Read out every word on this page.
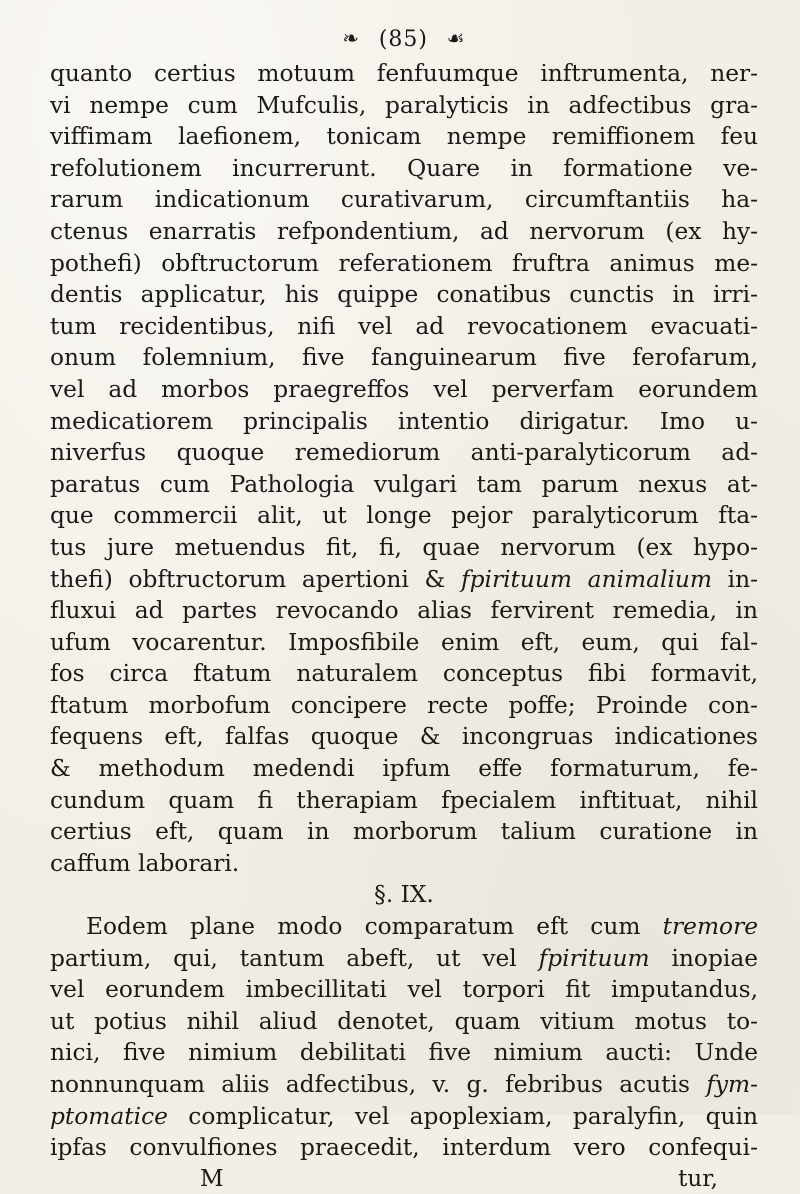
❧ (85) ☙
quanto certius motuum fenfuumque inftrumenta, ner-
vi nempe cum Mufculis, paralyticis in adfectibus gra-
viffimam laefionem, tonicam nempe remiffionem feu
refolutionem incurrerunt. Quare in formatione ve-
rarum indicationum curativarum, circumftantiis ha-
ctenus enarratis refpondentium, ad nervorum (ex hy-
pothefi) obftructorum referationem fruftra animus me-
dentis applicatur, his quippe conatibus cunctis in irri-
tum recidentibus, nifi vel ad revocationem evacuati-
onum folemnium, five fanguinearum five ferofarum,
vel ad morbos praegreffos vel perverfam eorundem
medicatiorem principalis intentio dirigatur. Imo u-
niverfus quoque remediorum anti-paralyticorum ad-
paratus cum Pathologia vulgari tam parum nexus at-
que commercii alit, ut longe pejor paralyticorum fta-
tus jure metuendus fit, fi, quae nervorum (ex hypo-
thefi) obftructorum apertioni & fpirituum animalium in-
fluxui ad partes revocando alias fervirent remedia, in
ufum vocarentur. Imposfibile enim eft, eum, qui fal-
fos circa ftatum naturalem conceptus fibi formavit,
ftatum morbofum concipere recte poffe; Proinde con-
fequens eft, falfas quoque & incongruas indicationes
& methodum medendi ipfum effe formaturum, fe-
cundum quam fi therapiam fpecialem inftituat, nihil
certius eft, quam in morborum talium curatione in
caffum laborari.
§. IX.
Eodem plane modo comparatum eft cum tremore
partium, qui, tantum abeft, ut vel fpirituum inopiae
vel eorundem imbecillitati vel torpori fit imputandus,
ut potius nihil aliud denotet, quam vitium motus to-
nici, five nimium debilitati five nimium aucti: Unde
nonnunquam aliis adfectibus, v. g. febribus acutis fym-
ptomatice complicatur, vel apoplexiam, paralyfin, quin
ipfas convulfiones praecedit, interdum vero confequi-
M	tur,
